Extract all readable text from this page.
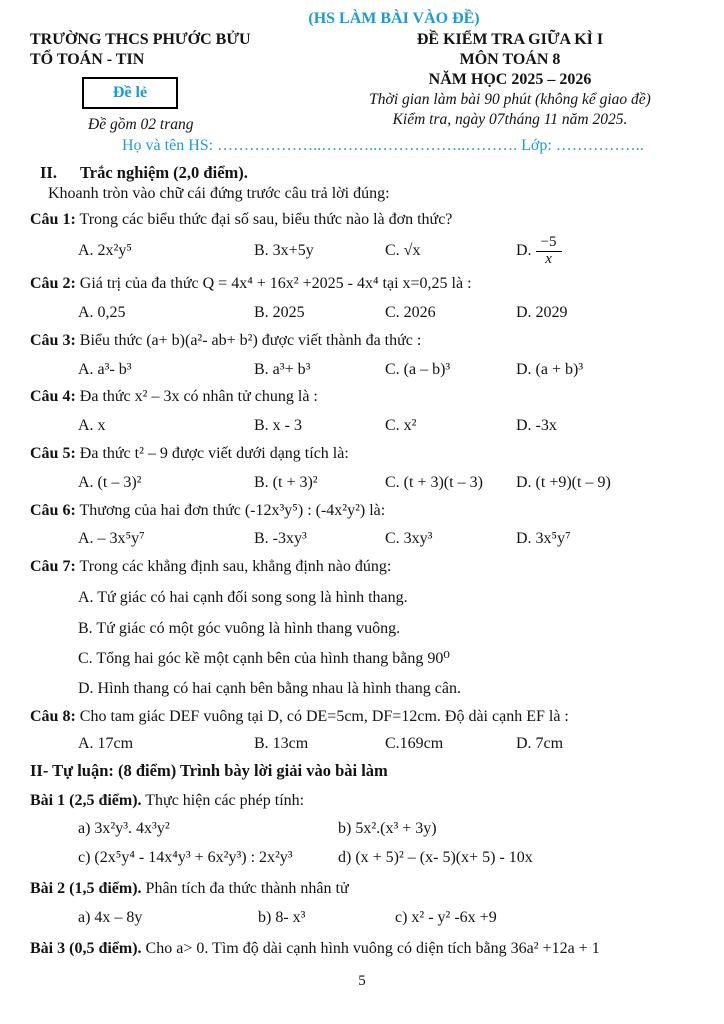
(HS LÀM BÀI VÀO ĐỀ)
TRƯỜNG THCS PHƯỚC BỬU
TỔ TOÁN - TIN
Đề lẻ
Đề gồm 02 trang
ĐỀ KIỂM TRA GIỮA KÌ I
MÔN TOÁN 8
NĂM HỌC 2025 – 2026
Thời gian làm bài 90 phút (không kể giao đề)
Kiểm tra, ngày 07tháng 11 năm 2025.
Họ và tên HS: ………………..………..……………..………. Lớp: ……………..
II. Trắc nghiệm (2,0 điểm).
Khoanh tròn vào chữ cái đứng trước câu trả lời đúng:
Câu 1: Trong các biểu thức đại số sau, biểu thức nào là đơn thức?
A. 2x²y⁵	B. 3x+5y	C. √x	D. $\frac{-5}{x}$
Câu 2: Giá trị của đa thức Q = 4x⁴ + 16x² +2025 - 4x⁴ tại x=0,25 là :
A. 0,25	B. 2025	C. 2026	D. 2029
Câu 3: Biểu thức (a+ b)(a²- ab+ b²) được viết thành đa thức :
A. a³- b³	B. a³+ b³	C. (a – b)³	D. (a + b)³
Câu 4: Đa thức x² – 3x có nhân tử chung là :
A. x	B. x - 3	C. x²	D. -3x
Câu 5: Đa thức t² – 9 được viết dưới dạng tích là:
A. (t – 3)²	B. (t + 3)²	C. (t + 3)(t – 3)	D. (t +9)(t – 9)
Câu 6: Thương của hai đơn thức (-12x³y⁵) : (-4x²y²) là:
A. – 3x⁵y⁷	B. -3xy³	C. 3xy³	D. 3x⁵y⁷
Câu 7: Trong các khẳng định sau, khẳng định nào đúng:
A. Tứ giác có hai cạnh đối song song là hình thang.
B. Tứ giác có một góc vuông là hình thang vuông.
C. Tổng hai góc kề một cạnh bên của hình thang bằng 90⁰
D. Hình thang có hai cạnh bên bằng nhau là hình thang cân.
Câu 8: Cho tam giác DEF vuông tại D, có DE=5cm, DF=12cm. Độ dài cạnh EF là :
A. 17cm	B. 13cm	C.169cm	D. 7cm
II- Tự luận: (8 điểm) Trình bày lời giải vào bài làm
Bài 1 (2,5 điểm). Thực hiện các phép tính:
a) 3x²y³. 4x³y²	b) 5x².(x³ + 3y)
c) (2x⁵y⁴ - 14x⁴y³ + 6x²y³) : 2x²y³	d) (x + 5)² – (x- 5)(x+ 5) - 10x
Bài 2 (1,5 điểm). Phân tích đa thức thành nhân tử
a) 4x – 8y	b) 8- x³	c) x² - y² -6x +9
Bài 3 (0,5 điểm). Cho a> 0. Tìm độ dài cạnh hình vuông có diện tích bằng 36a² +12a + 1
5
